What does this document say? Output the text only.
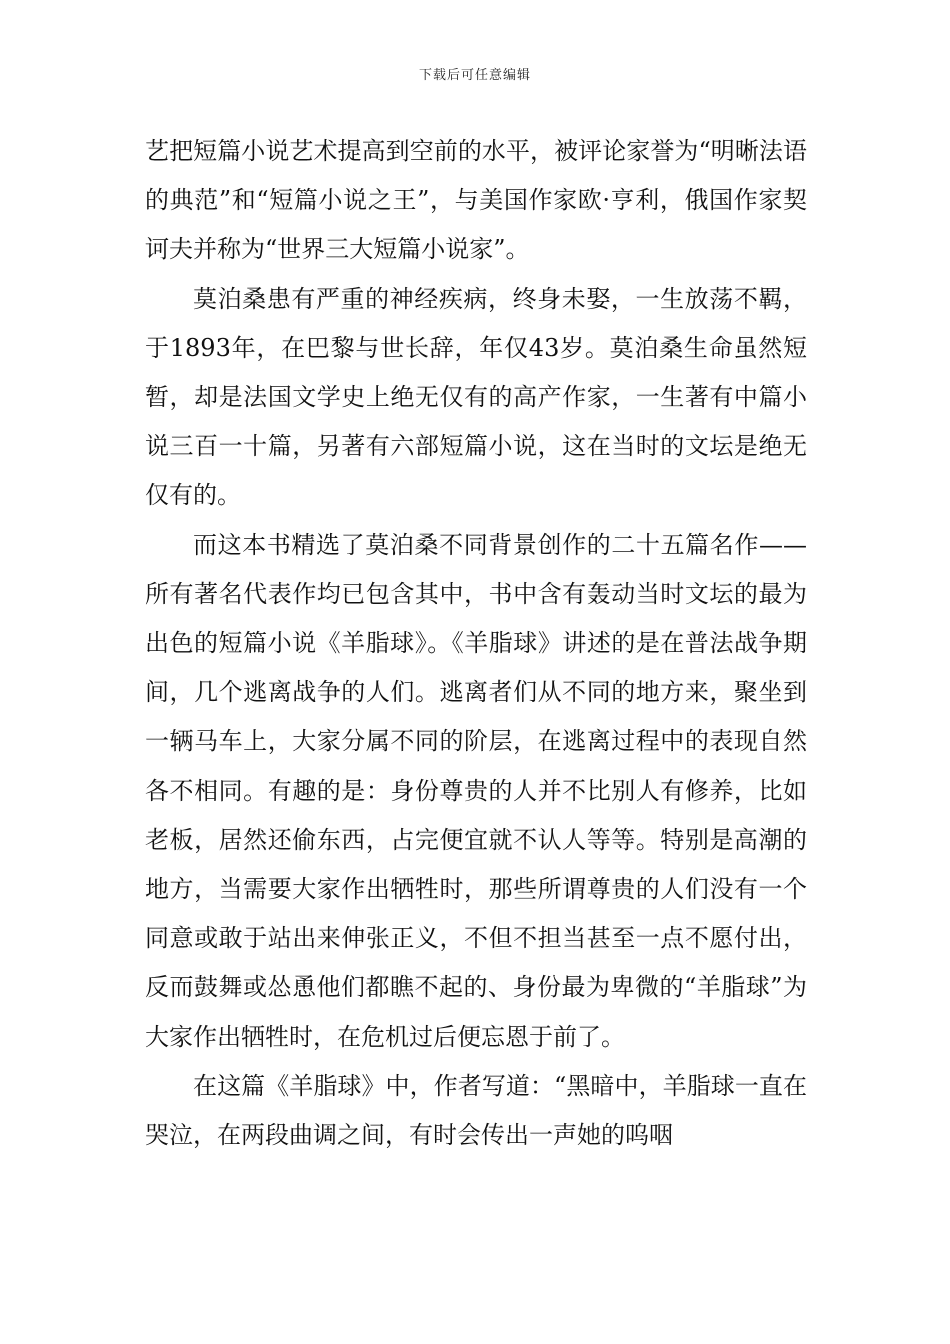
下载后可任意编辑

艺把短篇小说艺术提高到空前的水平，被评论家誉为“明晰法语的典范”和“短篇小说之王”，与美国作家欧·亨利，俄国作家契诃夫并称为“世界三大短篇小说家”。

莫泊桑患有严重的神经疾病，终身未娶，一生放荡不羁，于1893年，在巴黎与世长辞，年仅43岁。莫泊桑生命虽然短暂，却是法国文学史上绝无仅有的高产作家，一生著有中篇小说三百一十篇，另著有六部短篇小说，这在当时的文坛是绝无仅有的。

而这本书精选了莫泊桑不同背景创作的二十五篇名作——所有著名代表作均已包含其中，书中含有轰动当时文坛的最为出色的短篇小说《羊脂球》。《羊脂球》讲述的是在普法战争期间，几个逃离战争的人们。逃离者们从不同的地方来，聚坐到一辆马车上，大家分属不同的阶层，在逃离过程中的表现自然各不相同。有趣的是：身份尊贵的人并不比别人有修养，比如老板，居然还偷东西，占完便宜就不认人等等。特别是高潮的地方，当需要大家作出牺牲时，那些所谓尊贵的人们没有一个同意或敢于站出来伸张正义，不但不担当甚至一点不愿付出，反而鼓舞或怂恿他们都瞧不起的、身份最为卑微的“羊脂球”为大家作出牺牲时，在危机过后便忘恩于前了。

在这篇《羊脂球》中，作者写道：“黑暗中，羊脂球一直在哭泣，在两段曲调之间，有时会传出一声她的呜咽
